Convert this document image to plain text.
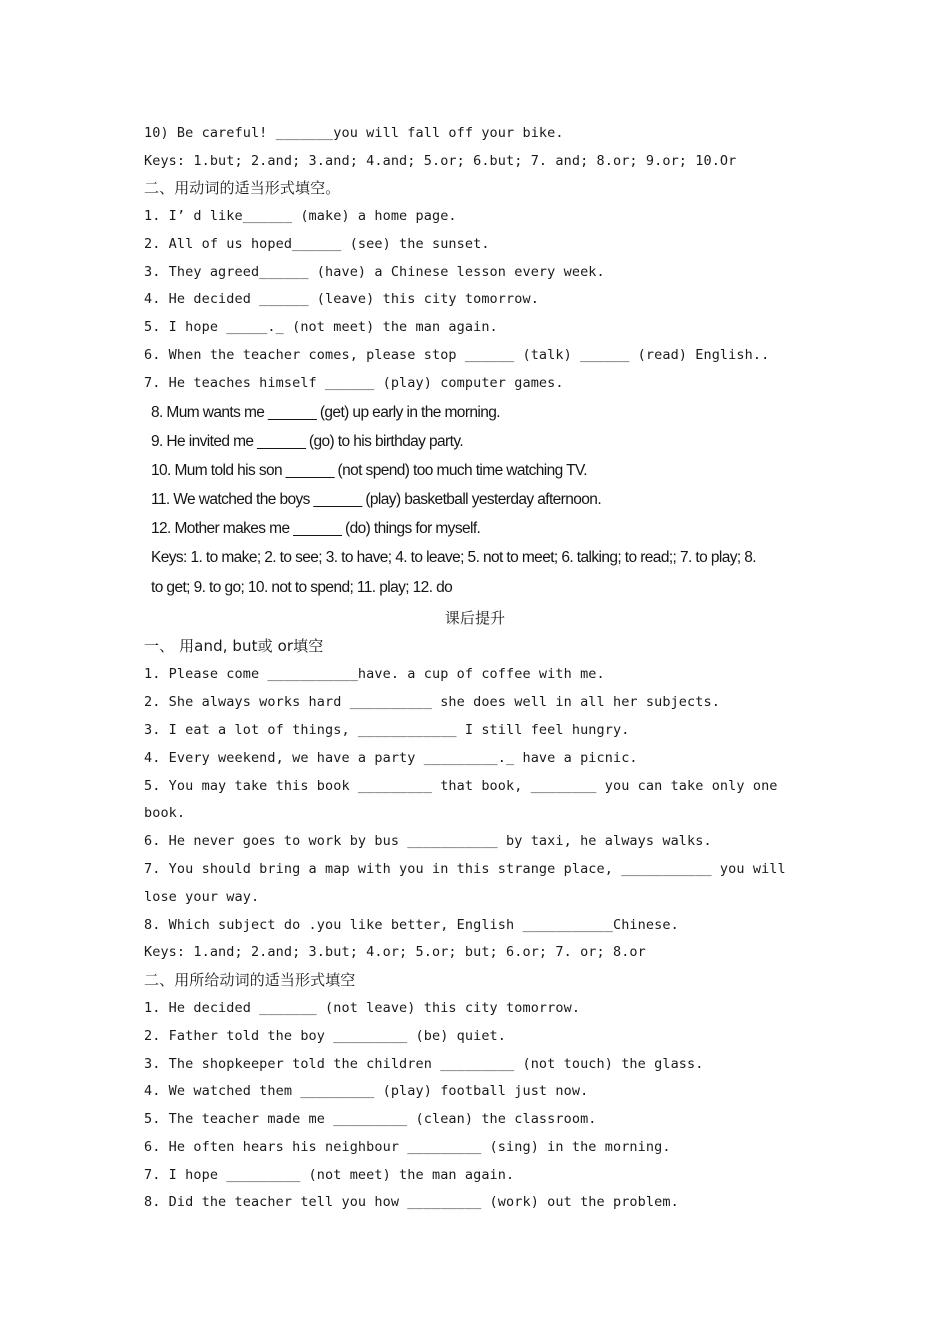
10) Be careful! _______you will fall off your bike.
Keys: 1.but; 2.and; 3.and; 4.and; 5.or; 6.but; 7. and; 8.or; 9.or; 10.Or
二、用动词的适当形式填空。
1. I’ d like______ (make) a home page.
2. All of us hoped______ (see) the sunset.
3. They agreed______ (have) a Chinese lesson every week.
4. He decided ______ (leave) this city tomorrow.
5. I hope _____._ (not meet) the man again.
6. When the teacher comes, please stop ______ (talk) ______ (read) English..
7. He teaches himself ______ (play) computer games.
8. Mum wants me ______ (get) up early in the morning.
9. He invited me ______ (go) to his birthday party.
10. Mum told his son ______ (not spend) too much time watching TV.
11. We watched the boys ______ (play) basketball yesterday afternoon.
12. Mother makes me ______ (do) things for myself.
Keys: 1. to make; 2. to see; 3. to have; 4. to leave; 5. not to meet; 6. talking; to read;; 7. to play; 8.
to get; 9. to go; 10. not to spend; 11. play; 12. do
课后提升
一、 用and, but或 or填空
1. Please come ___________have. a cup of coffee with me.
2. She always works hard __________ she does well in all her subjects.
3. I eat a lot of things, ____________ I still feel hungry.
4. Every weekend, we have a party _________._ have a picnic.
5. You may take this book _________ that book, ________ you can take only one
book.
6. He never goes to work by bus ___________ by taxi, he always walks.
7. You should bring a map with you in this strange place, ___________ you will
lose your way.
8. Which subject do .you like better, English ___________Chinese.
Keys: 1.and; 2.and; 3.but; 4.or; 5.or; but; 6.or; 7. or; 8.or
二、用所给动词的适当形式填空
1. He decided _______ (not leave) this city tomorrow.
2. Father told the boy _________ (be) quiet.
3. The shopkeeper told the children _________ (not touch) the glass.
4. We watched them _________ (play) football just now.
5. The teacher made me _________ (clean) the classroom.
6. He often hears his neighbour _________ (sing) in the morning.
7. I hope _________ (not meet) the man again.
8. Did the teacher tell you how _________ (work) out the problem.
